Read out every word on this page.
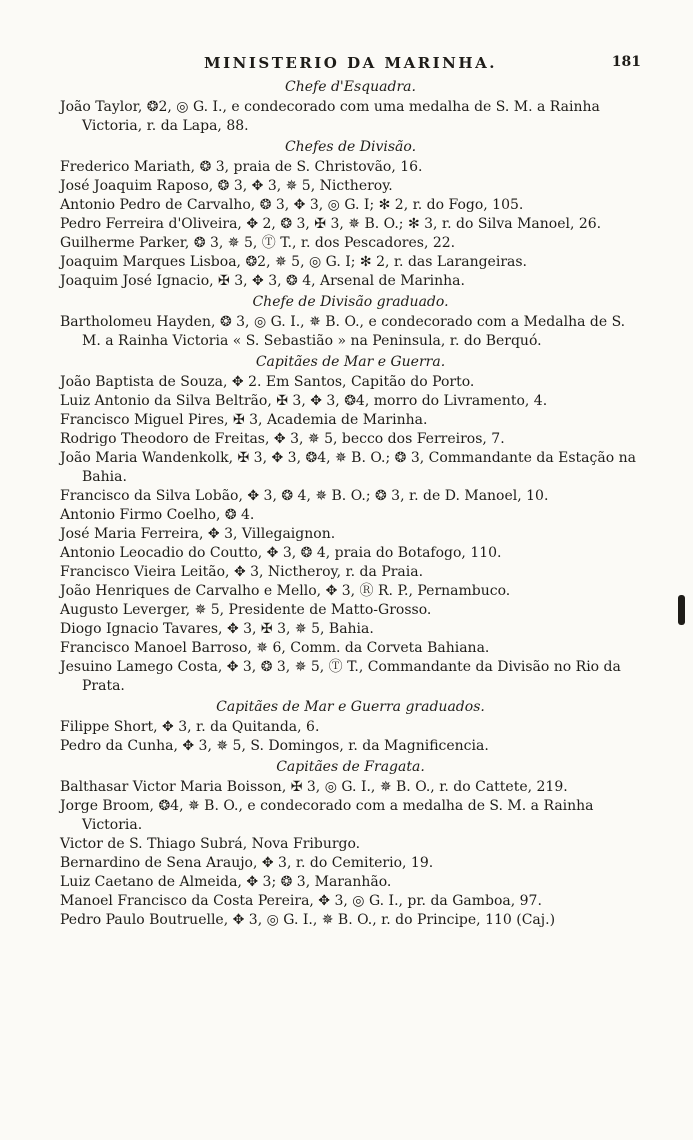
MINISTERIO DA MARINHA.	181
Chefe d'Esquadra.
João Taylor, ❂2, ◎ G. I., e condecorado com uma medalha de S. M. a Rainha Victoria, r. da Lapa, 88.
Chefes de Divisão.
Frederico Mariath, ❂ 3, praia de S. Christovão, 16.
José Joaquim Raposo, ❂ 3, ✥ 3, ✵ 5, Nictheroy.
Antonio Pedro de Carvalho, ❂ 3, ✥ 3, ◎ G. I; ✻ 2, r. do Fogo, 105.
Pedro Ferreira d'Oliveira, ✥ 2, ❂ 3, ✠ 3, ✵ B. O.; ✻ 3, r. do Silva Manoel, 26.
Guilherme Parker, ❂ 3, ✵ 5, Ⓣ T., r. dos Pescadores, 22.
Joaquim Marques Lisboa, ❂2, ✵ 5, ◎ G. I; ✻ 2, r. das Larangeiras.
Joaquim José Ignacio, ✠ 3, ✥ 3, ❂ 4, Arsenal de Marinha.
Chefe de Divisão graduado.
Bartholomeu Hayden, ❂ 3, ◎ G. I., ✵ B. O., e condecorado com a Medalha de S. M. a Rainha Victoria « S. Sebastião » na Peninsula, r. do Berquó.
Capitães de Mar e Guerra.
João Baptista de Souza, ✥ 2. Em Santos, Capitão do Porto.
Luiz Antonio da Silva Beltrão, ✠ 3, ✥ 3, ❂4, morro do Livramento, 4.
Francisco Miguel Pires, ✠ 3, Academia de Marinha.
Rodrigo Theodoro de Freitas, ✥ 3, ✵ 5, becco dos Ferreiros, 7.
João Maria Wandenkolk, ✠ 3, ✥ 3, ❂4, ✵ B. O.; ❂ 3, Commandante da Estação na Bahia.
Francisco da Silva Lobão, ✥ 3, ❂ 4, ✵ B. O.; ❂ 3, r. de D. Manoel, 10.
Antonio Firmo Coelho, ❂ 4.
José Maria Ferreira, ✥ 3, Villegaignon.
Antonio Leocadio do Coutto, ✥ 3, ❂ 4, praia do Botafogo, 110.
Francisco Vieira Leitão, ✥ 3, Nictheroy, r. da Praia.
João Henriques de Carvalho e Mello, ✥ 3, Ⓡ R. P., Pernambuco.
Augusto Leverger, ✵ 5, Presidente de Matto-Grosso.
Diogo Ignacio Tavares, ✥ 3, ✠ 3, ✵ 5, Bahia.
Francisco Manoel Barroso, ✵ 6, Comm. da Corveta Bahiana.
Jesuino Lamego Costa, ✥ 3, ❂ 3, ✵ 5, Ⓣ T., Commandante da Divisão no Rio da Prata.
Capitães de Mar e Guerra graduados.
Filippe Short, ✥ 3, r. da Quitanda, 6.
Pedro da Cunha, ✥ 3, ✵ 5, S. Domingos, r. da Magnificencia.
Capitães de Fragata.
Balthasar Victor Maria Boisson, ✠ 3, ◎ G. I., ✵ B. O., r. do Cattete, 219.
Jorge Broom, ❂4, ✵ B. O., e condecorado com a medalha de S. M. a Rainha Victoria.
Victor de S. Thiago Subrá, Nova Friburgo.
Bernardino de Sena Araujo, ✥ 3, r. do Cemiterio, 19.
Luiz Caetano de Almeida, ✥ 3; ❂ 3, Maranhão.
Manoel Francisco da Costa Pereira, ✥ 3, ◎ G. I., pr. da Gamboa, 97.
Pedro Paulo Boutruelle, ✥ 3, ◎ G. I., ✵ B. O., r. do Principe, 110 (Caj.)
